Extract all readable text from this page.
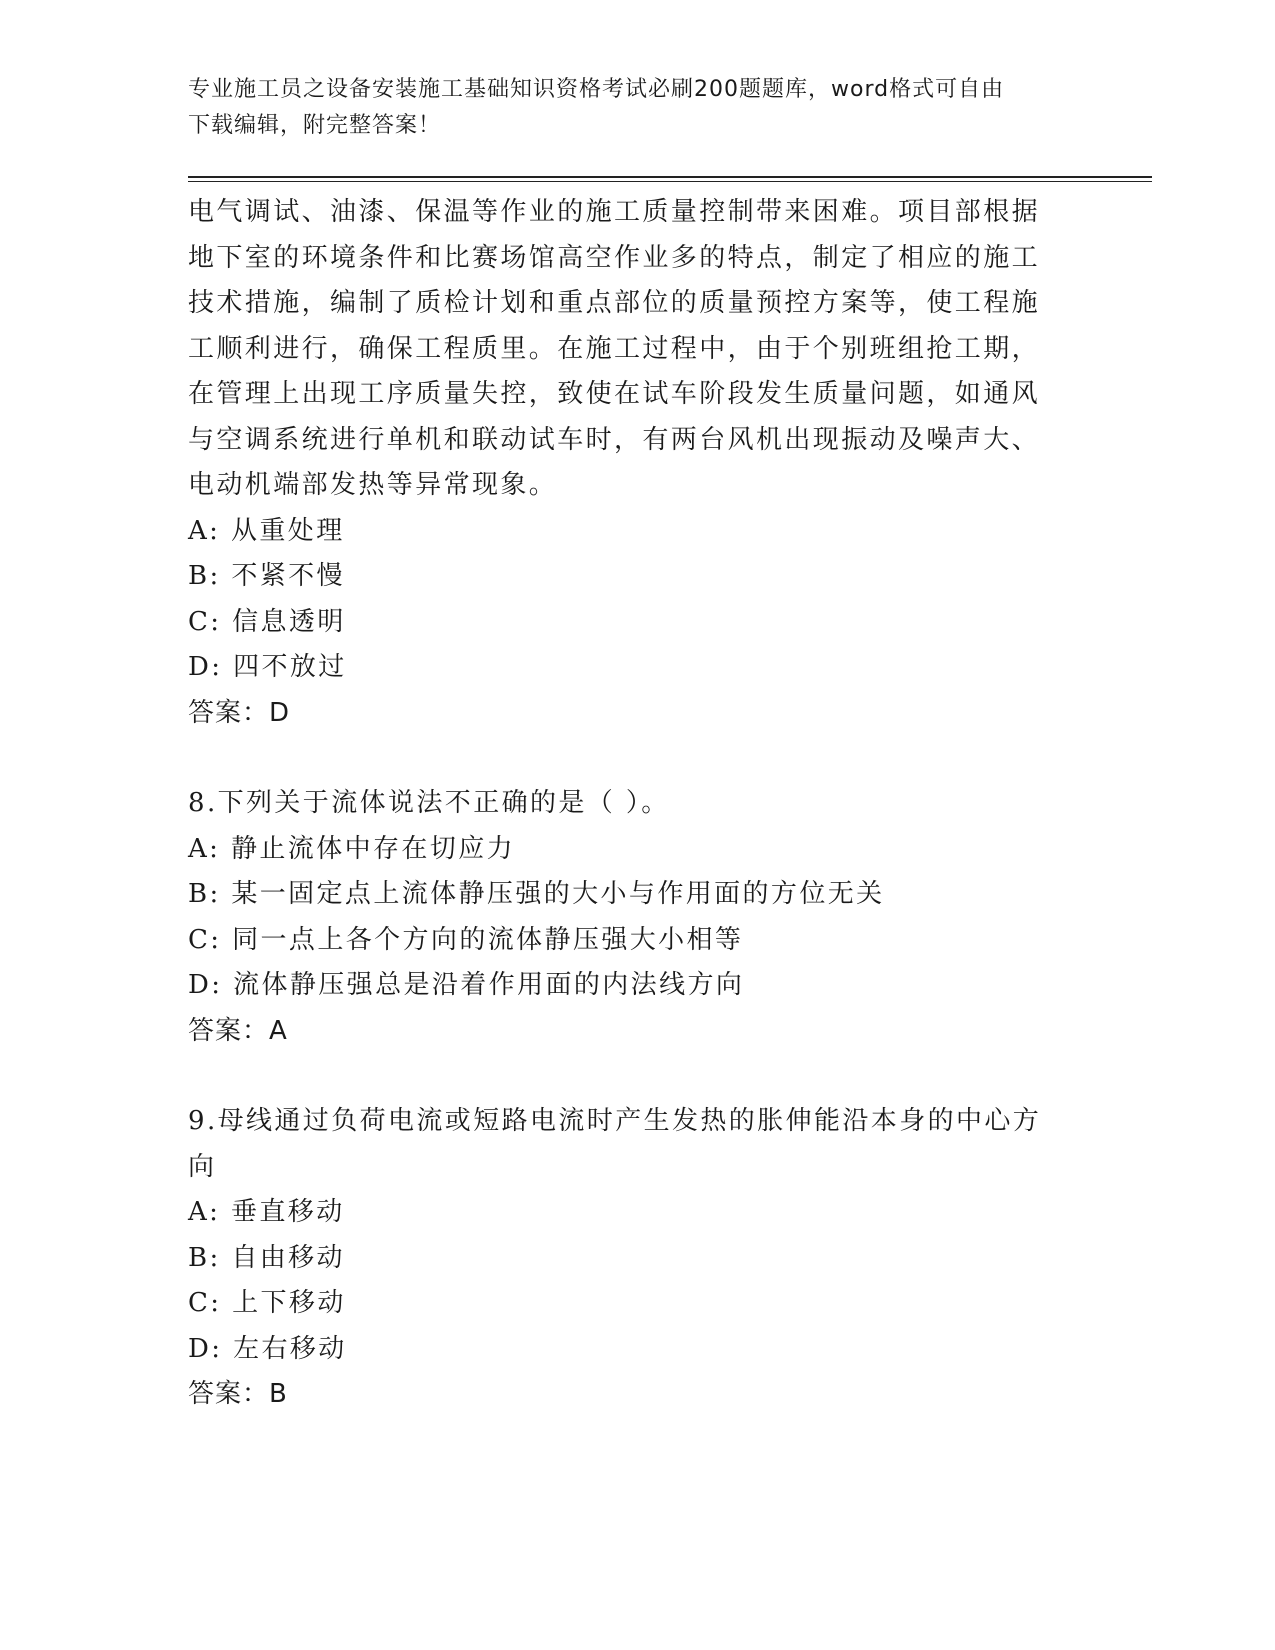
专业施工员之设备安装施工基础知识资格考试必刷200题题库，word格式可自由
下载编辑，附完整答案！
电气调试、油漆、保温等作业的施工质量控制带来困难。项目部根据
地下室的环境条件和比赛场馆高空作业多的特点，制定了相应的施工
技术措施，编制了质检计划和重点部位的质量预控方案等，使工程施
工顺利进行，确保工程质里。在施工过程中，由于个别班组抢工期，
在管理上出现工序质量失控，致使在试车阶段发生质量问题，如通风
与空调系统进行单机和联动试车时，有两台风机出现振动及噪声大、
电动机端部发热等异常现象。
A: 从重处理
B: 不紧不慢
C: 信息透明
D: 四不放过
答案：D
8.下列关于流体说法不正确的是（ ）。
A: 静止流体中存在切应力
B: 某一固定点上流体静压强的大小与作用面的方位无关
C: 同一点上各个方向的流体静压强大小相等
D: 流体静压强总是沿着作用面的内法线方向
答案：A
9.母线通过负荷电流或短路电流时产生发热的胀伸能沿本身的中心方
向
A: 垂直移动
B: 自由移动
C: 上下移动
D: 左右移动
答案：B
